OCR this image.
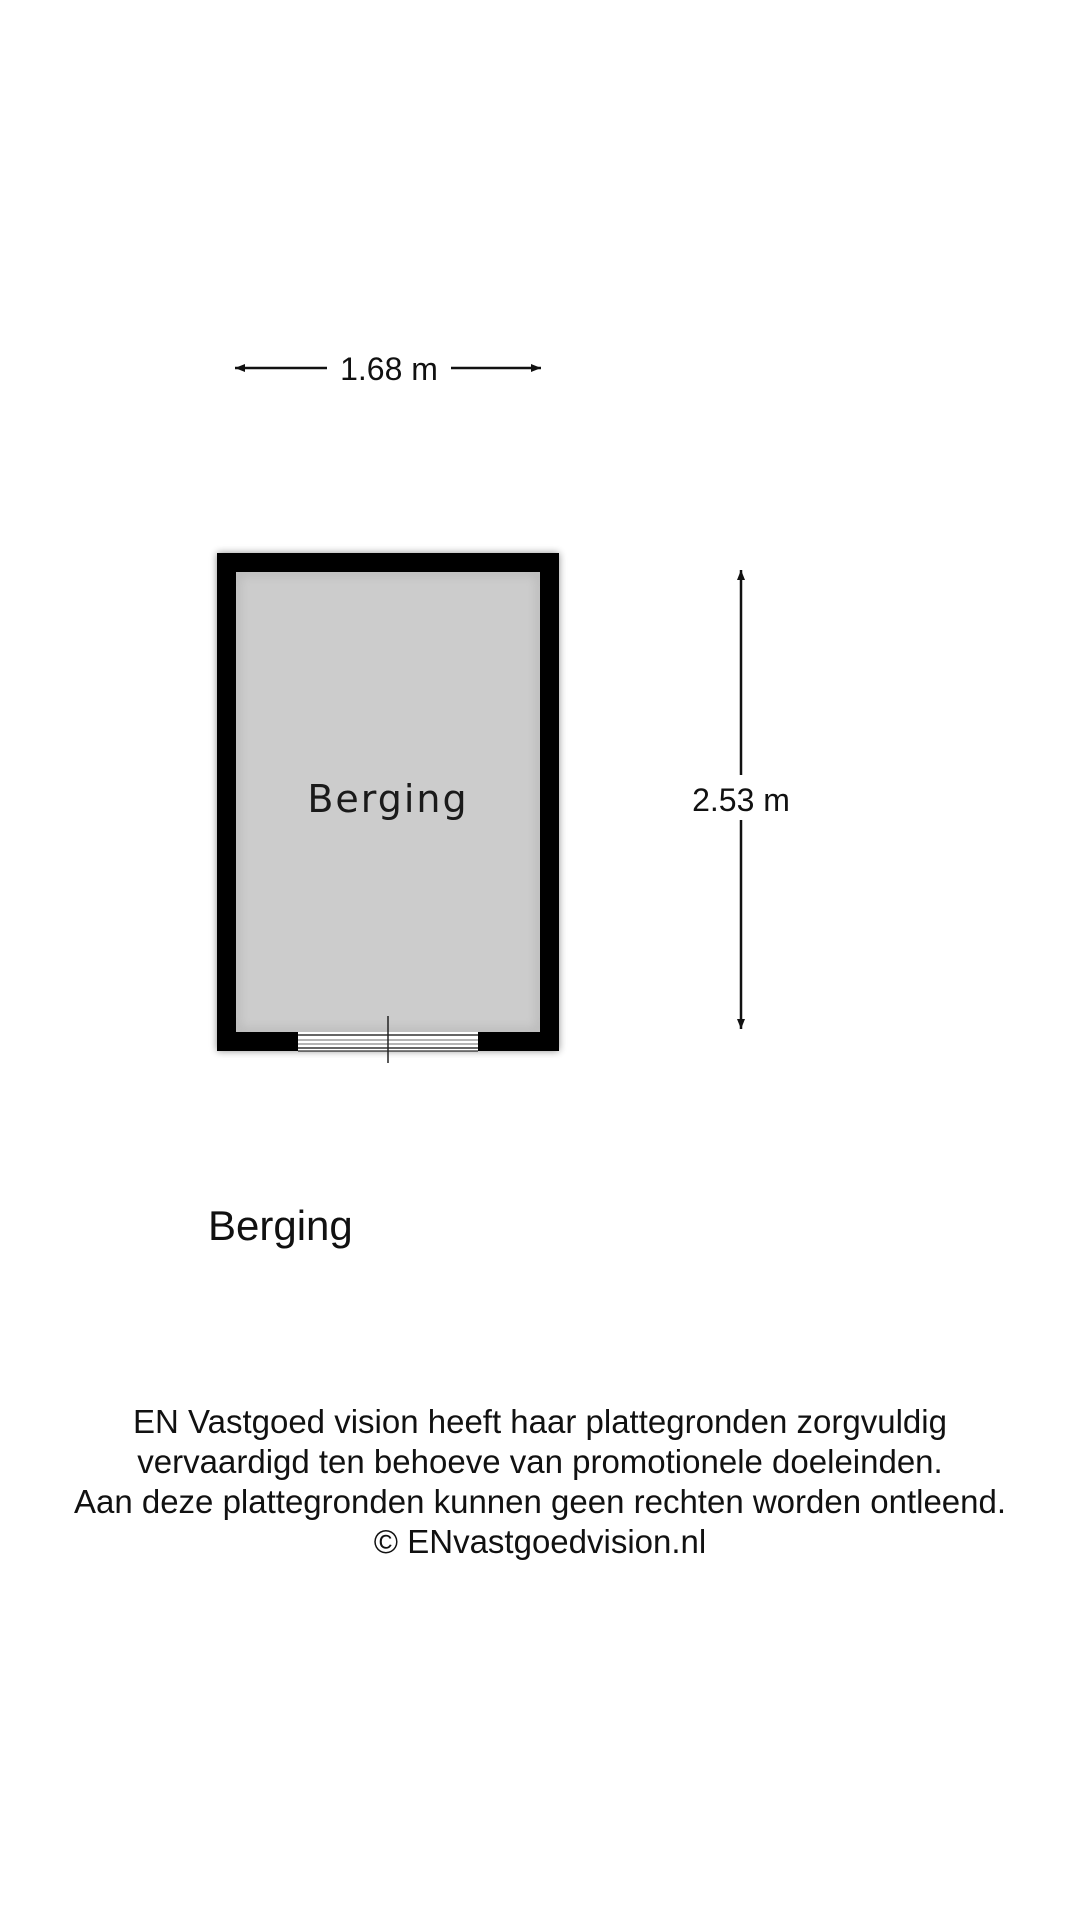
1.68 m
Berging	2.53 m
Berging
EN Vastgoed vision heeft haar plattegronden zorgvuldig
vervaardigd ten behoeve van promotionele doeleinden.
Aan deze plattegronden kunnen geen rechten worden ontleend.
© ENvastgoedvision.nl
